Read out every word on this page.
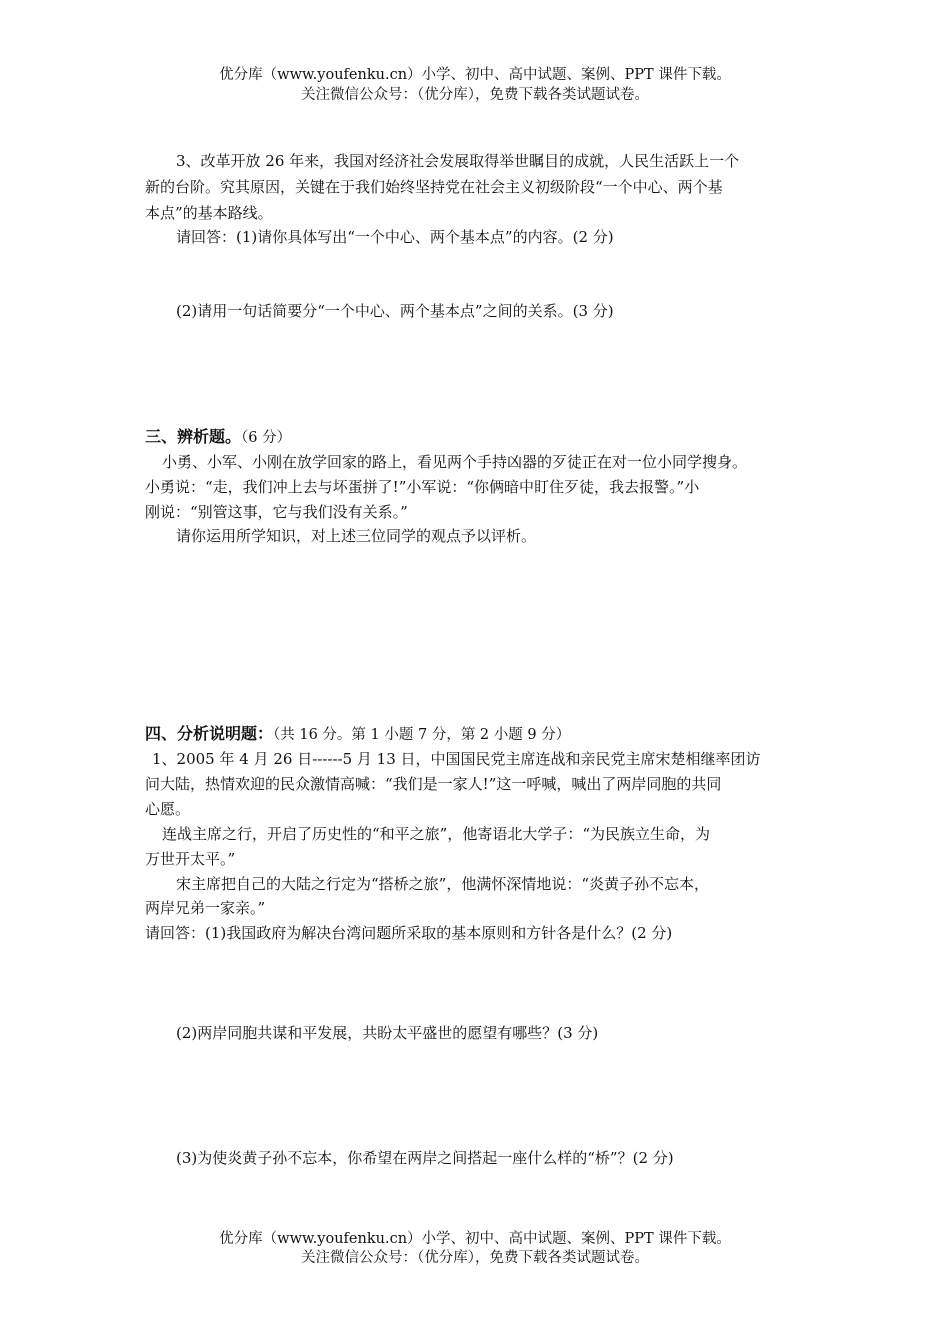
优分库（www.youfenku.cn）小学、初中、高中试题、案例、PPT 课件下载。
关注微信公众号：（优分库），免费下载各类试题试卷。
3、改革开放 26 年来，我国对经济社会发展取得举世瞩目的成就，人民生活跃上一个
新的台阶。究其原因，关键在于我们始终坚持党在社会主义初级阶段“一个中心、两个基
本点”的基本路线。
请回答：(1)请你具体写出“一个中心、两个基本点”的内容。(2 分)
(2)请用一句话简要分“一个中心、两个基本点”之间的关系。(3 分)
三、辨析题。（6 分）
小勇、小军、小刚在放学回家的路上，看见两个手持凶器的歹徒正在对一位小同学搜身。
小勇说：“走，我们冲上去与坏蛋拼了!”小军说：“你俩暗中盯住歹徒，我去报警。”小
刚说：“别管这事，它与我们没有关系。”
请你运用所学知识，对上述三位同学的观点予以评析。
四、分析说明题：（共 16 分。第 1 小题 7 分，第 2 小题 9 分）
1、2005 年 4 月 26 日------5 月 13 日，中国国民党主席连战和亲民党主席宋楚相继率团访
问大陆，热情欢迎的民众激情高喊：“我们是一家人!”这一呼喊，喊出了两岸同胞的共同
心愿。
连战主席之行，开启了历史性的“和平之旅”，他寄语北大学子：“为民族立生命，为
万世开太平。”
宋主席把自己的大陆之行定为“搭桥之旅”，他满怀深情地说：“炎黄子孙不忘本，
两岸兄弟一家亲。”
请回答：(1)我国政府为解决台湾问题所采取的基本原则和方针各是什么？(2 分)
(2)两岸同胞共谋和平发展，共盼太平盛世的愿望有哪些？(3 分)
(3)为使炎黄子孙不忘本，你希望在两岸之间搭起一座什么样的“桥”？(2 分)
优分库（www.youfenku.cn）小学、初中、高中试题、案例、PPT 课件下载。
关注微信公众号：（优分库），免费下载各类试题试卷。
